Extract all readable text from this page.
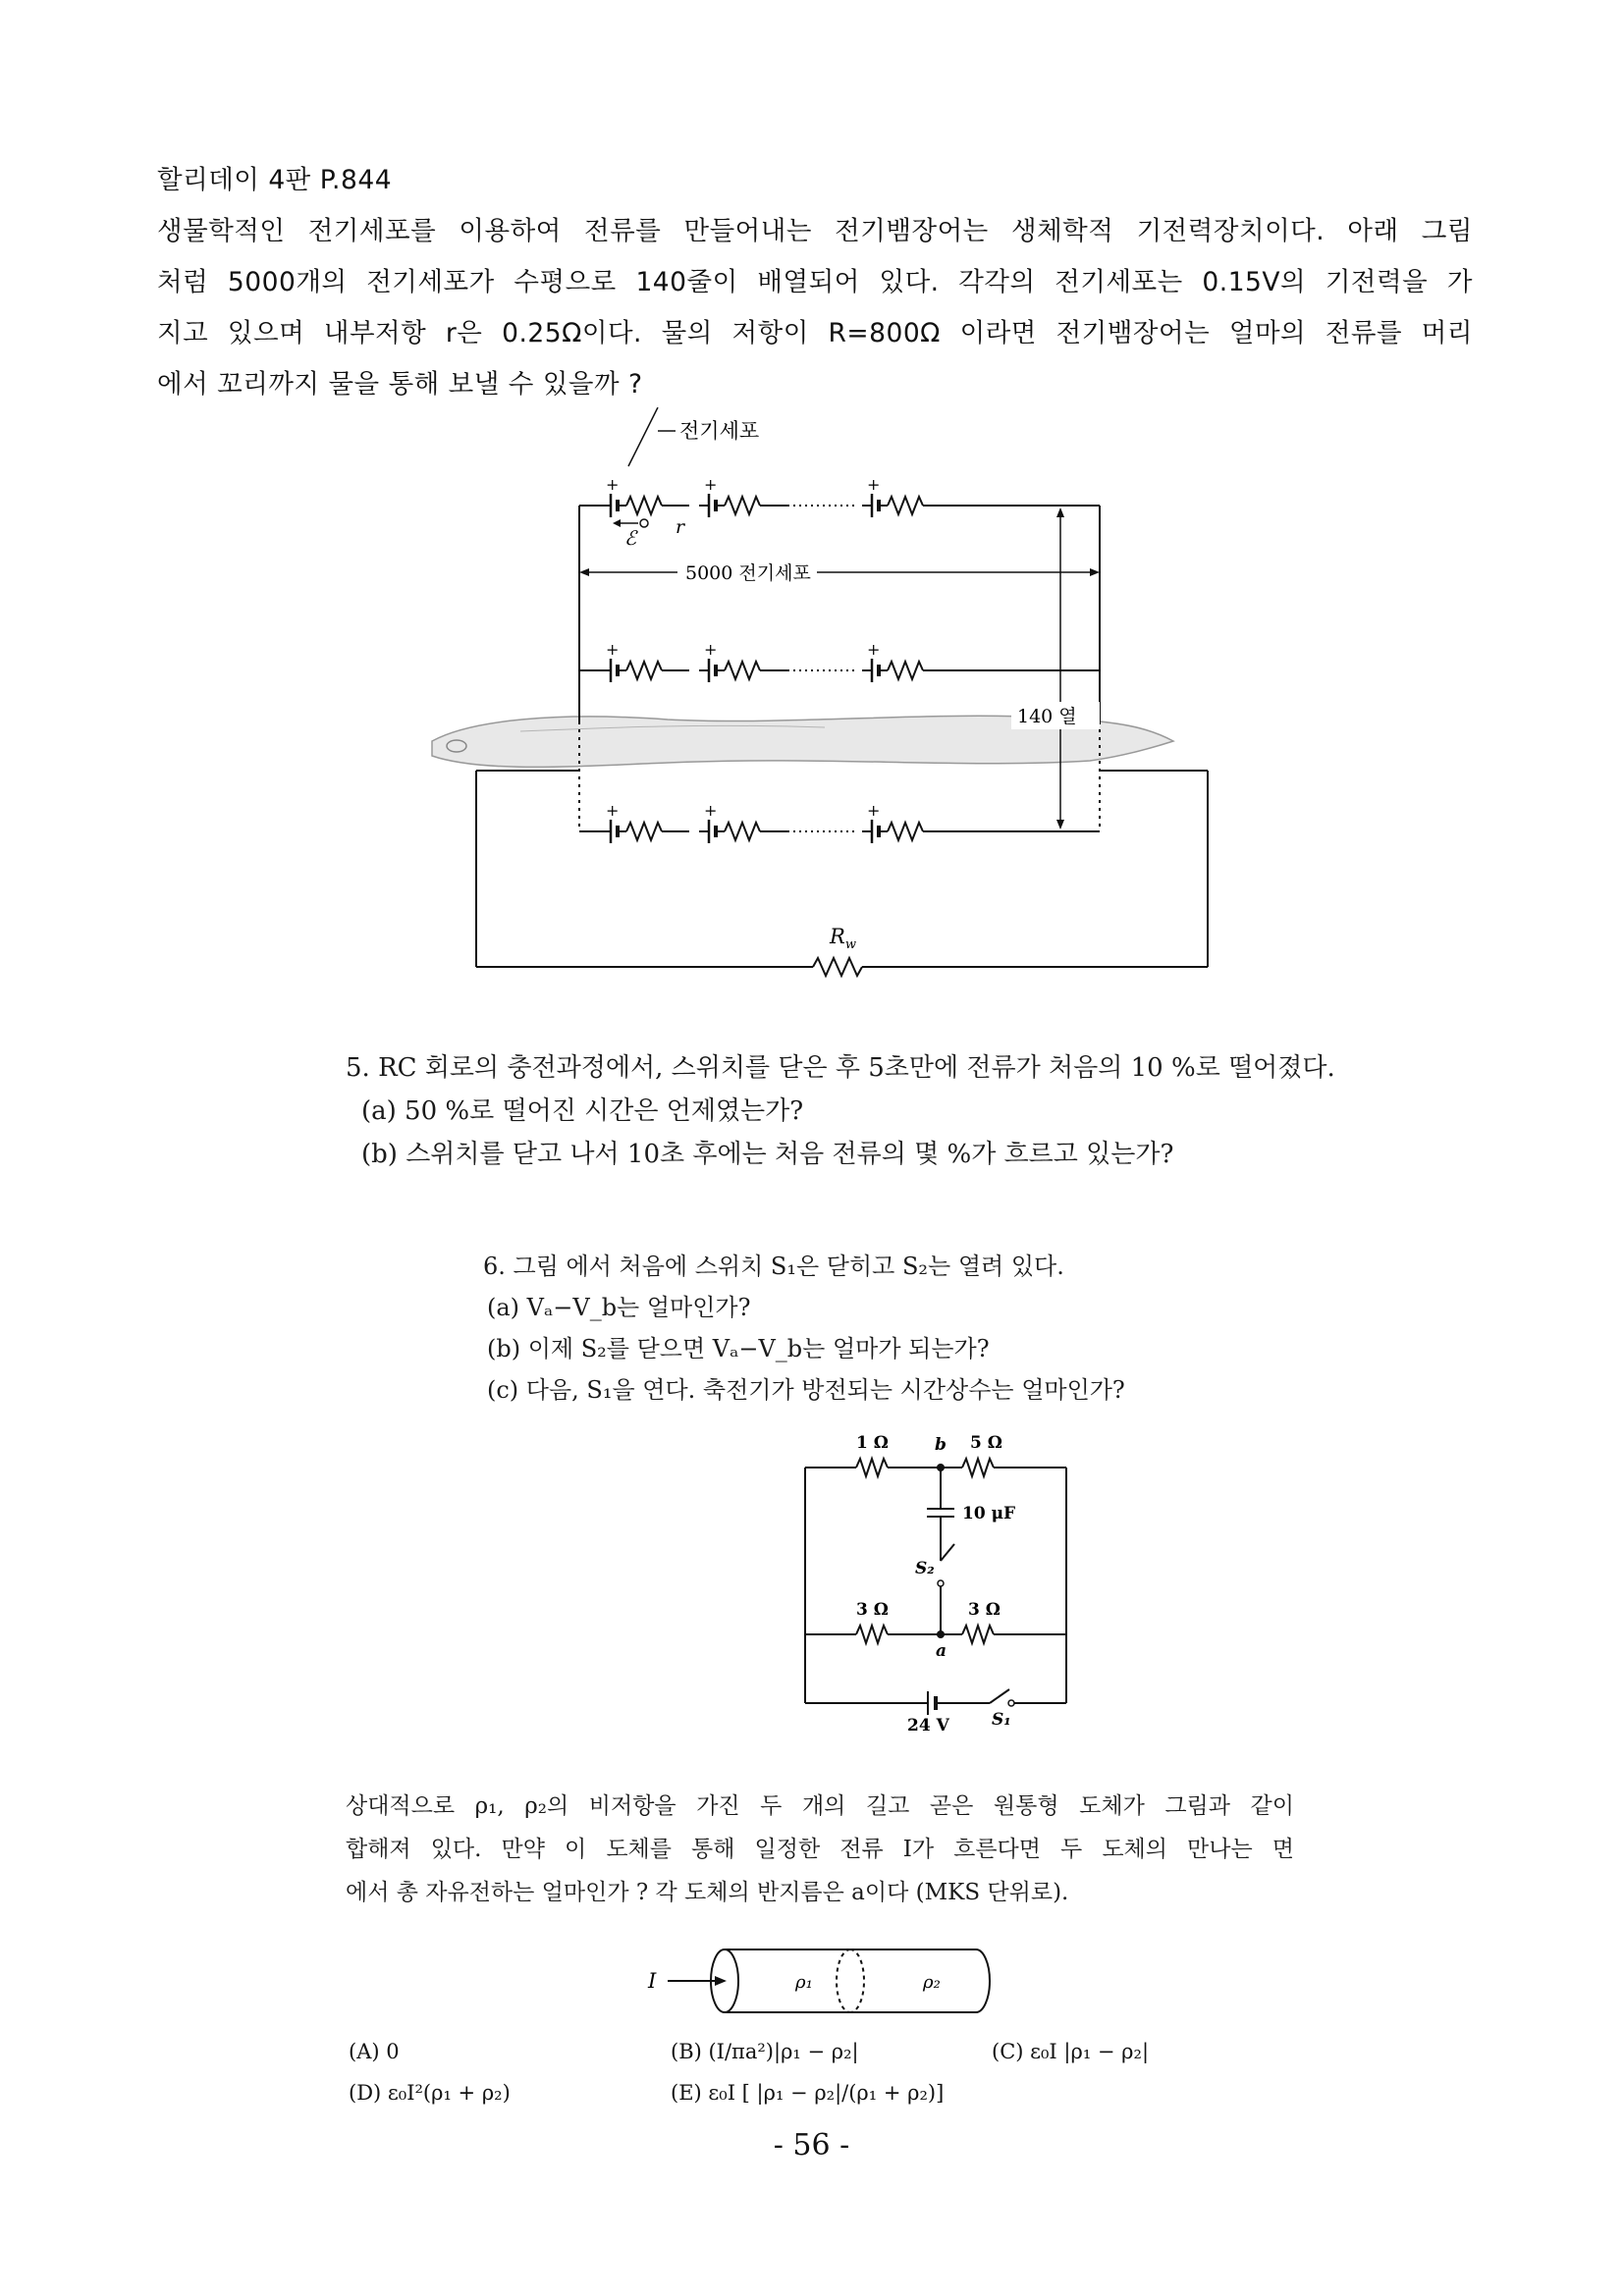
할리데이 4판 P.844
생물학적인 전기세포를 이용하여 전류를 만들어내는 전기뱀장어는 생체학적 기전력장치이다. 아래 그림
처럼 5000개의 전기세포가 수평으로 140줄이 배열되어 있다. 각각의 전기세포는 0.15V의 기전력을 가
지고 있으며 내부저항 r은 0.25Ω이다. 물의 저항이 R=800Ω 이라면 전기뱀장어는 얼마의 전류를 머리
에서 꼬리까지 물을 통해 보낼 수 있을까 ?
전기세포
+	+	+
ℰ r
5000 전기세포
+	+	+
+	+	+
140 열
$R_w$
5. RC 회로의 충전과정에서, 스위치를 닫은 후 5초만에 전류가 처음의 10 %로 떨어졌다.
(a) 50 %로 떨어진 시간은 언제였는가?
(b) 스위치를 닫고 나서 10초 후에는 처음 전류의 몇 %가 흐르고 있는가?
6. 그림 에서 처음에 스위치 S₁은 닫히고 S₂는 열려 있다.
(a) Vₐ−V_b는 얼마인가?
(b) 이제 S₂를 닫으면 Vₐ−V_b는 얼마가 되는가?
(c) 다음, S₁을 연다. 축전기가 방전되는 시간상수는 얼마인가?
1 Ω	5 Ω
b
10 μF
S₂
3 Ω	3 Ω
a
24 V	S₁
상대적으로 ρ₁, ρ₂의 비저항을 가진 두 개의 길고 곧은 원통형 도체가 그림과 같이
합해져 있다. 만약 이 도체를 통해 일정한 전류 I가 흐른다면 두 도체의 만나는 면
에서 총 자유전하는 얼마인가 ? 각 도체의 반지름은 a이다 (MKS 단위로).
I	ρ₁	ρ₂
(A) 0	(B) (I/πa²)|ρ₁ − ρ₂|	(C) ε₀I |ρ₁ − ρ₂|
(D) ε₀I²(ρ₁ + ρ₂)	(E) ε₀I [ |ρ₁ − ρ₂|/(ρ₁ + ρ₂)]
- 56 -
